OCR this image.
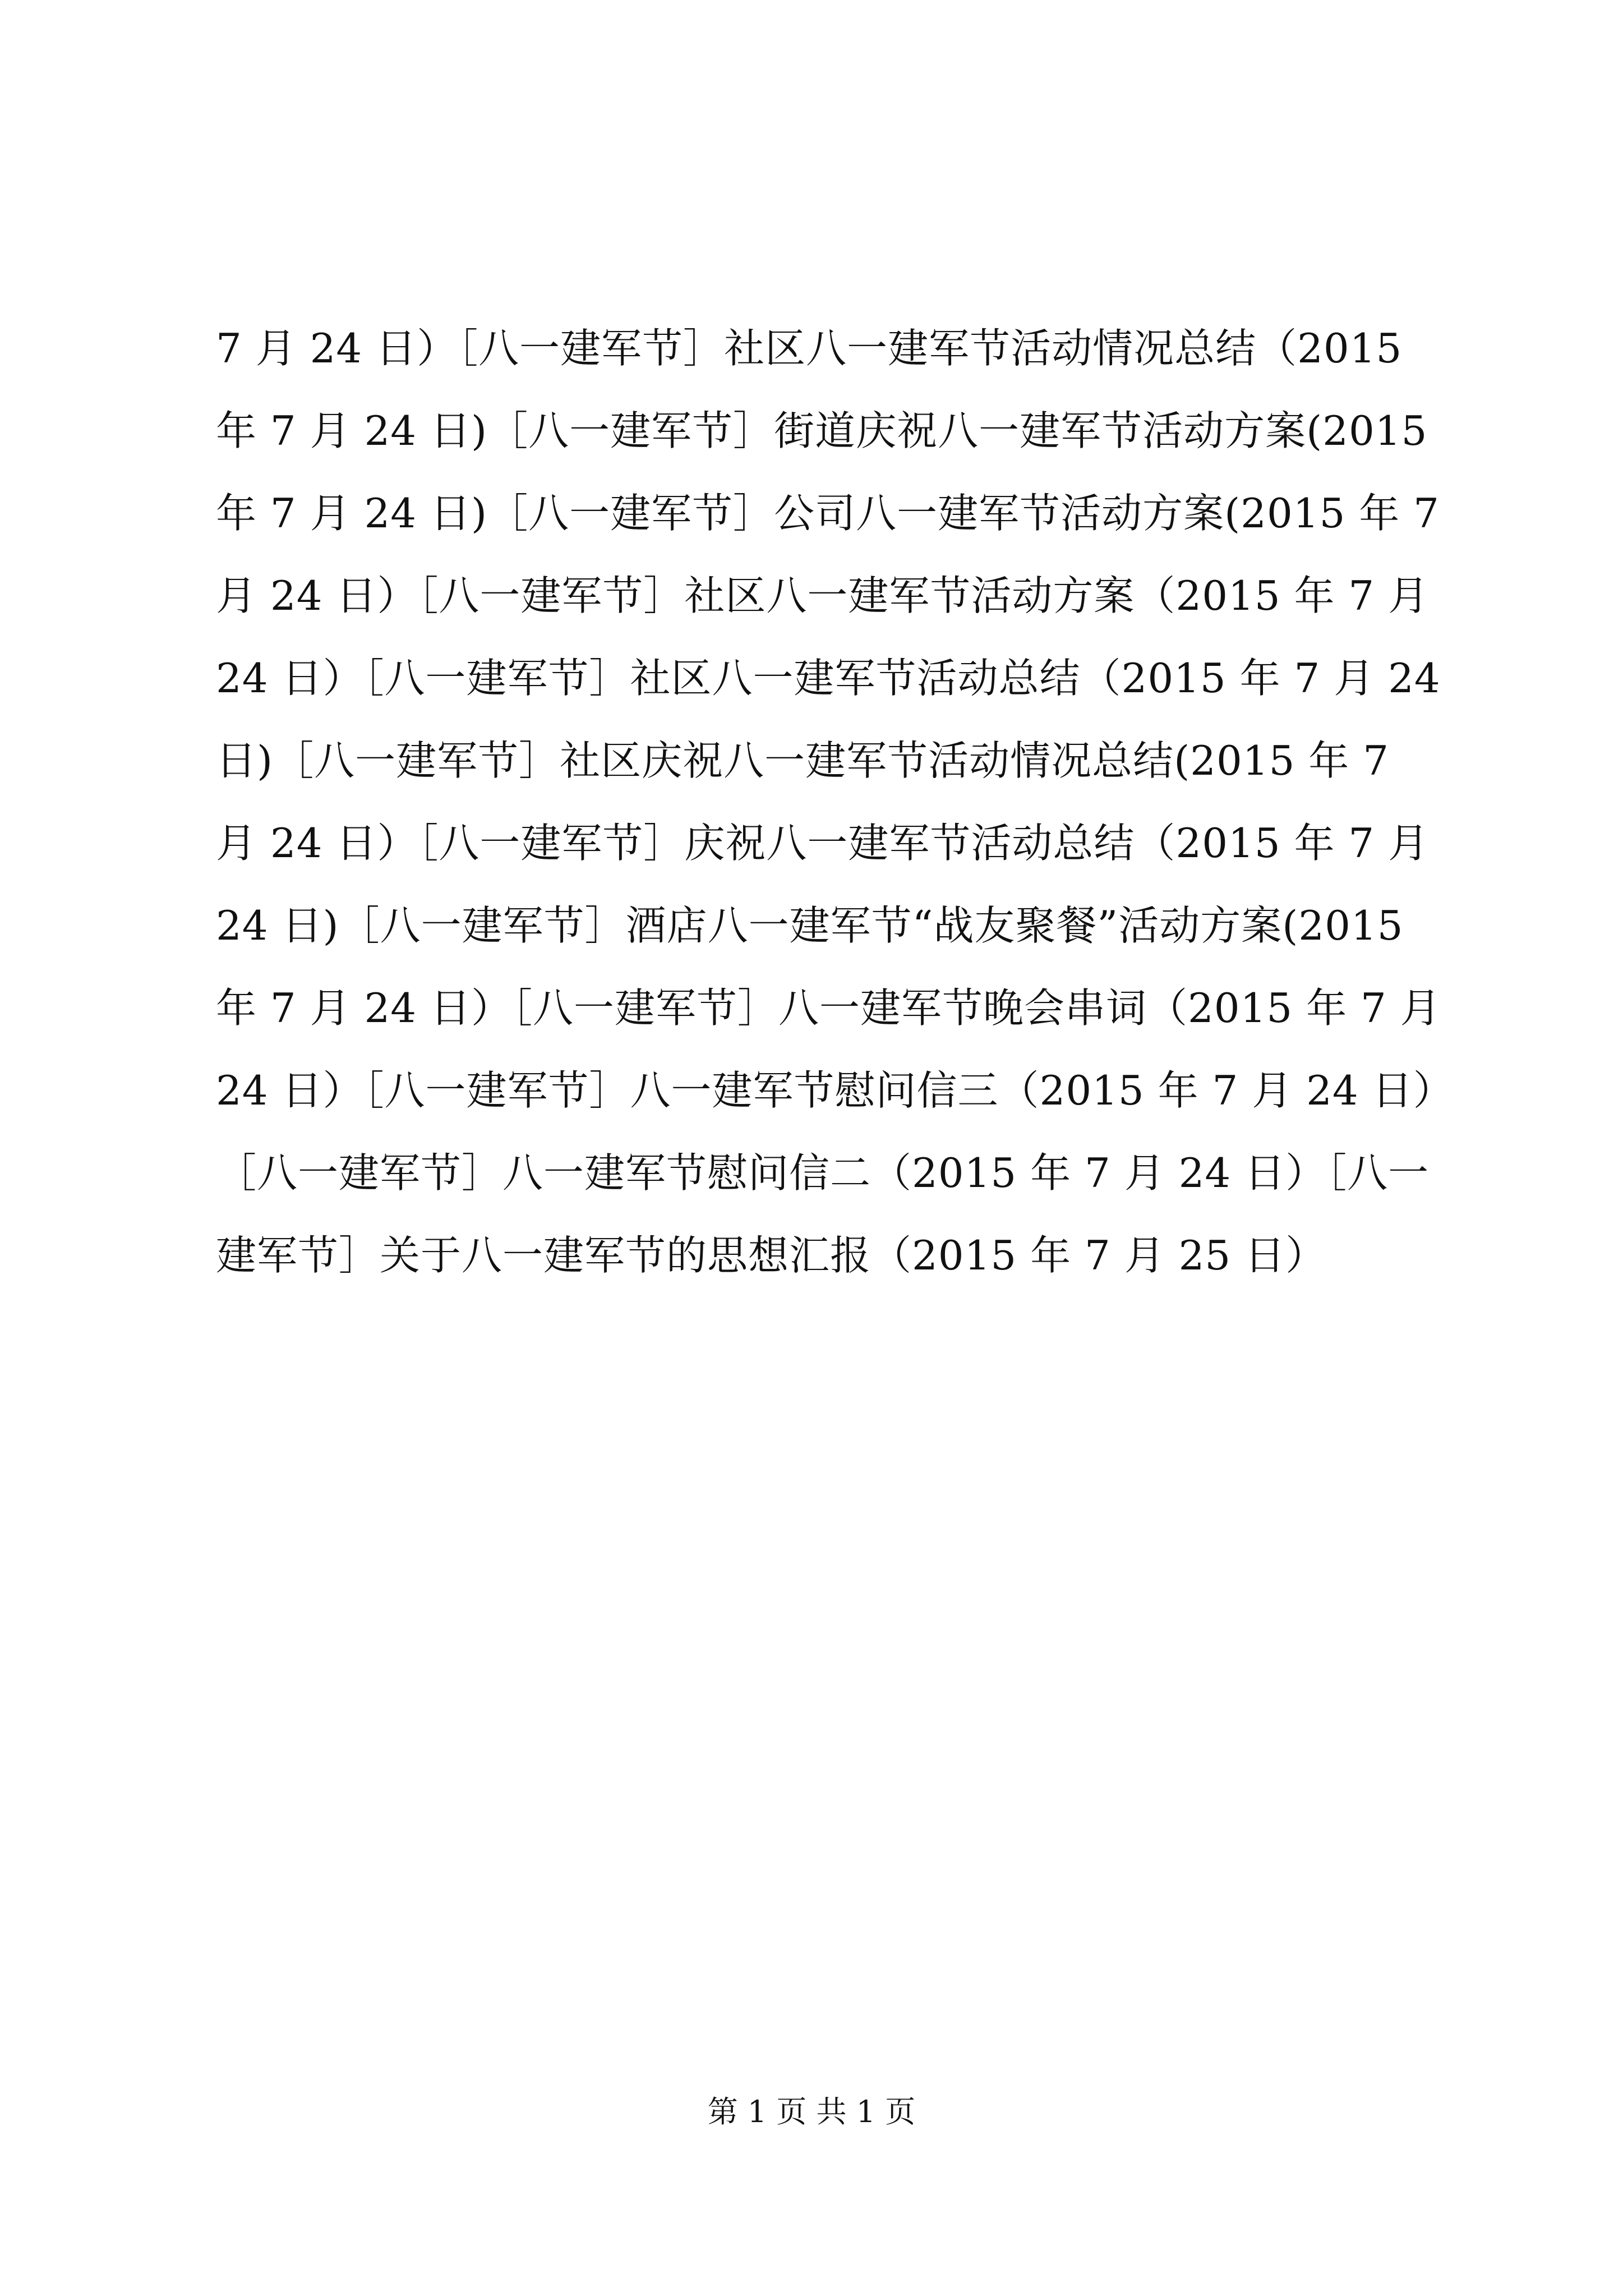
7 月 24 日）［八一建军节］社区八一建军节活动情况总结（2015
年 7 月 24 日)［八一建军节］街道庆祝八一建军节活动方案(2015
年 7 月 24 日)［八一建军节］公司八一建军节活动方案(2015 年 7
月 24 日）［八一建军节］社区八一建军节活动方案（2015 年 7 月
24 日）［八一建军节］社区八一建军节活动总结（2015 年 7 月 24
日)［八一建军节］社区庆祝八一建军节活动情况总结(2015 年 7
月 24 日）［八一建军节］庆祝八一建军节活动总结（2015 年 7 月
24 日)［八一建军节］酒店八一建军节“战友聚餐”活动方案(2015
年 7 月 24 日）［八一建军节］八一建军节晚会串词（2015 年 7 月
24 日）［八一建军节］八一建军节慰问信三（2015 年 7 月 24 日）
［八一建军节］八一建军节慰问信二（2015 年 7 月 24 日）［八一
建军节］关于八一建军节的思想汇报（2015 年 7 月 25 日）
第 1 页 共 1 页
